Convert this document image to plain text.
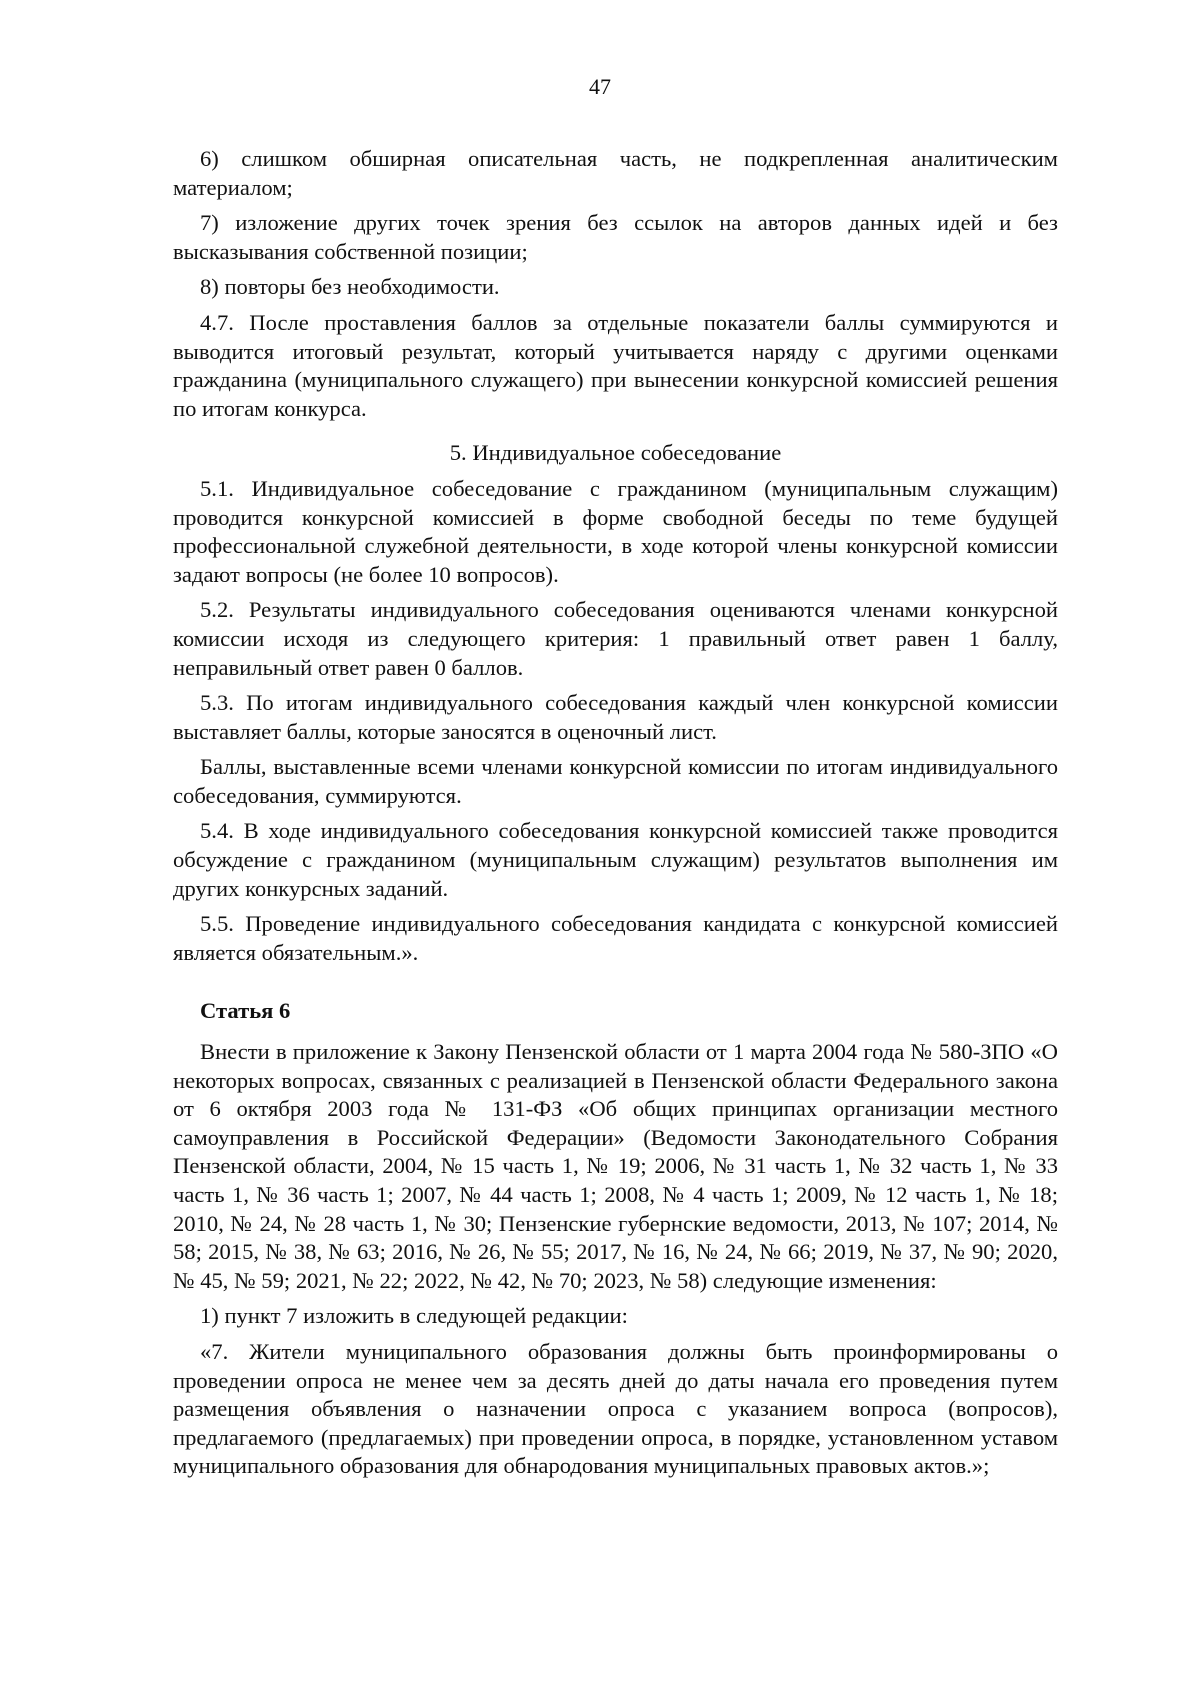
47

6) слишком обширная описательная часть, не подкрепленная аналитическим материалом;

7) изложение других точек зрения без ссылок на авторов данных идей и без высказывания собственной позиции;

8) повторы без необходимости.

4.7. После проставления баллов за отдельные показатели баллы суммируются и выводится итоговый результат, который учитывается наряду с другими оценками гражданина (муниципального служащего) при вынесении конкурсной комиссией решения по итогам конкурса.

5. Индивидуальное собеседование

5.1. Индивидуальное собеседование с гражданином (муниципальным служащим) проводится конкурсной комиссией в форме свободной беседы по теме будущей профессиональной служебной деятельности, в ходе которой члены конкурсной комиссии задают вопросы (не более 10 вопросов).

5.2. Результаты индивидуального собеседования оцениваются членами конкурсной комиссии исходя из следующего критерия: 1 правильный ответ равен 1 баллу, неправильный ответ равен 0 баллов.

5.3. По итогам индивидуального собеседования каждый член конкурсной комиссии выставляет баллы, которые заносятся в оценочный лист.

Баллы, выставленные всеми членами конкурсной комиссии по итогам индивидуального собеседования, суммируются.

5.4. В ходе индивидуального собеседования конкурсной комиссией также проводится обсуждение с гражданином (муниципальным служащим) результатов выполнения им других конкурсных заданий.

5.5. Проведение индивидуального собеседования кандидата с конкурсной комиссией является обязательным.».

Статья 6

Внести в приложение к Закону Пензенской области от 1 марта 2004 года № 580-ЗПО «О некоторых вопросах, связанных с реализацией в Пензенской области Федерального закона от 6 октября 2003 года № 131-ФЗ «Об общих принципах организации местного самоуправления в Российской Федерации» (Ведомости Законодательного Собрания Пензенской области, 2004, № 15 часть 1, № 19; 2006, № 31 часть 1, № 32 часть 1, № 33 часть 1, № 36 часть 1; 2007, № 44 часть 1; 2008, № 4 часть 1; 2009, № 12 часть 1, № 18; 2010, № 24, № 28 часть 1, № 30; Пензенские губернские ведомости, 2013, № 107; 2014, № 58; 2015, № 38, № 63; 2016, № 26, № 55; 2017, № 16, № 24, № 66; 2019, № 37, № 90; 2020, № 45, № 59; 2021, № 22; 2022, № 42, № 70; 2023, № 58) следующие изменения:

1) пункт 7 изложить в следующей редакции:

«7. Жители муниципального образования должны быть проинформированы о проведении опроса не менее чем за десять дней до даты начала его проведения путем размещения объявления о назначении опроса с указанием вопроса (вопросов), предлагаемого (предлагаемых) при проведении опроса, в порядке, установленном уставом муниципального образования для обнародования муниципальных правовых актов.»;
